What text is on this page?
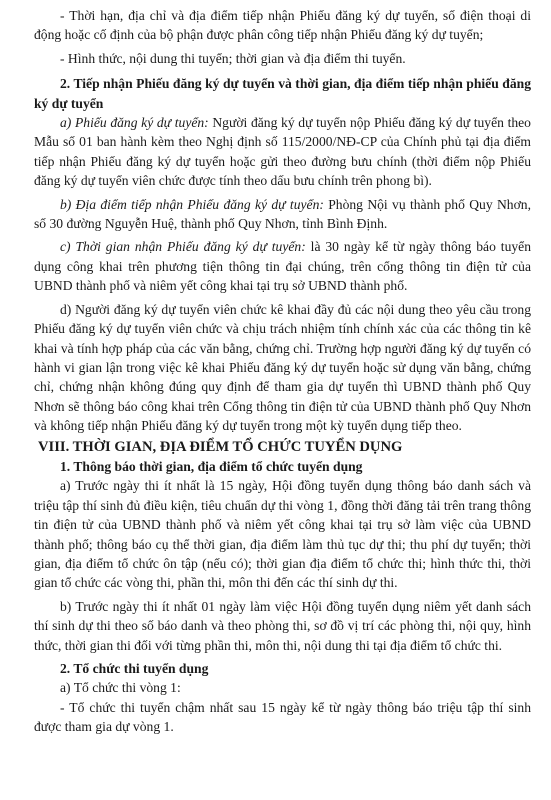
- Thời hạn, địa chỉ và địa điểm tiếp nhận Phiếu đăng ký dự tuyển, số điện thoại di động hoặc cố định của bộ phận được phân công tiếp nhận Phiếu đăng ký dự tuyển;

- Hình thức, nội dung thi tuyển; thời gian và địa điểm thi tuyển.

2. Tiếp nhận Phiếu đăng ký dự tuyển và thời gian, địa điểm tiếp nhận phiếu đăng ký dự tuyển

a) Phiếu đăng ký dự tuyển: Người đăng ký dự tuyển nộp Phiếu đăng ký dự tuyển theo Mẫu số 01 ban hành kèm theo Nghị định số 115/2000/NĐ-CP của Chính phủ tại địa điểm tiếp nhận Phiếu đăng ký dự tuyển hoặc gửi theo đường bưu chính (thời điểm nộp Phiếu đăng ký dự tuyển viên chức được tính theo dấu bưu chính trên phong bì).

b) Địa điểm tiếp nhận Phiếu đăng ký dự tuyển: Phòng Nội vụ thành phố Quy Nhơn, số 30 đường Nguyễn Huệ, thành phố Quy Nhơn, tỉnh Bình Định.

c) Thời gian nhận Phiếu đăng ký dự tuyển: là 30 ngày kể từ ngày thông báo tuyển dụng công khai trên phương tiện thông tin đại chúng, trên cổng thông tin điện tử của UBND thành phố và niêm yết công khai tại trụ sở UBND thành phố.

d) Người đăng ký dự tuyển viên chức kê khai đầy đủ các nội dung theo yêu cầu trong Phiếu đăng ký dự tuyển viên chức và chịu trách nhiệm tính chính xác của các thông tin kê khai và tính hợp pháp của các văn bằng, chứng chỉ. Trường hợp người đăng ký dự tuyển có hành vi gian lận trong việc kê khai Phiếu đăng ký dự tuyển hoặc sử dụng văn bằng, chứng chỉ, chứng nhận không đúng quy định để tham gia dự tuyển thì UBND thành phố Quy Nhơn sẽ thông báo công khai trên Cổng thông tin điện tử của UBND thành phố Quy Nhơn và không tiếp nhận Phiếu đăng ký dự tuyển trong một kỳ tuyển dụng tiếp theo.

VIII. THỜI GIAN, ĐỊA ĐIỂM TỔ CHỨC TUYỂN DỤNG

1. Thông báo thời gian, địa điểm tổ chức tuyển dụng

a) Trước ngày thi ít nhất là 15 ngày, Hội đồng tuyển dụng thông báo danh sách và triệu tập thí sinh đủ điều kiện, tiêu chuẩn dự thi vòng 1, đồng thời đăng tải trên trang thông tin điện tử của UBND thành phố và niêm yết công khai tại trụ sở làm việc của UBND thành phố; thông báo cụ thể thời gian, địa điểm làm thủ tục dự thi; thu phí dự tuyển; thời gian, địa điểm tổ chức ôn tập (nếu có); thời gian địa điểm tổ chức thi; hình thức thi, thời gian tổ chức các vòng thi, phần thi, môn thi đến các thí sinh dự thi.

b) Trước ngày thi ít nhất 01 ngày làm việc Hội đồng tuyển dụng niêm yết danh sách thí sinh dự thi theo số báo danh và theo phòng thi, sơ đồ vị trí các phòng thi, nội quy, hình thức, thời gian thi đối với từng phần thi, môn thi, nội dung thi tại địa điểm tổ chức thi.

2. Tổ chức thi tuyển dụng

a) Tổ chức thi vòng 1:

- Tổ chức thi tuyển chậm nhất sau 15 ngày kể từ ngày thông báo triệu tập thí sinh được tham gia dự vòng 1.
